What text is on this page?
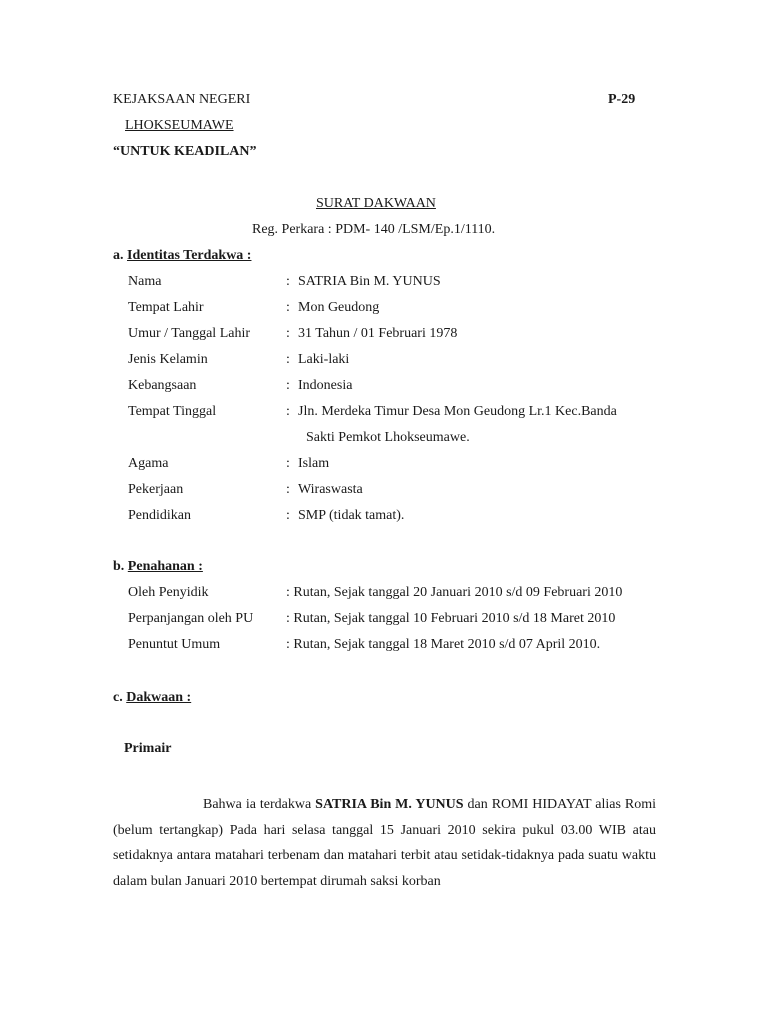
KEJAKSAAN NEGERI	P-29
LHOKSEUMAWE
“UNTUK KEADILAN”
SURAT DAKWAAN
Reg. Perkara : PDM- 140 /LSM/Ep.1/1110.
a. Identitas Terdakwa :
Nama	: SATRIA Bin M. YUNUS
Tempat Lahir	: Mon Geudong
Umur / Tanggal Lahir	: 31 Tahun / 01 Februari 1978
Jenis Kelamin	: Laki-laki
Kebangsaan	: Indonesia
Tempat Tinggal	: Jln. Merdeka Timur Desa Mon Geudong Lr.1 Kec.Banda
Sakti Pemkot Lhokseumawe.
Agama	: Islam
Pekerjaan	: Wiraswasta
Pendidikan	: SMP (tidak tamat).
b. Penahanan :
Oleh Penyidik	: Rutan, Sejak tanggal 20 Januari 2010 s/d 09 Februari 2010
Perpanjangan oleh PU : Rutan, Sejak tanggal 10 Februari 2010 s/d 18 Maret 2010
Penuntut Umum	: Rutan, Sejak tanggal 18 Maret 2010 s/d 07 April 2010.
c. Dakwaan :
Primair
Bahwa ia terdakwa SATRIA Bin M. YUNUS dan ROMI HIDAYAT alias Romi (belum tertangkap) Pada hari selasa tanggal 15 Januari 2010 sekira pukul 03.00 WIB atau setidaknya antara matahari terbenam dan matahari terbit atau setidak-tidaknya pada suatu waktu dalam bulan Januari 2010 bertempat dirumah saksi korban
